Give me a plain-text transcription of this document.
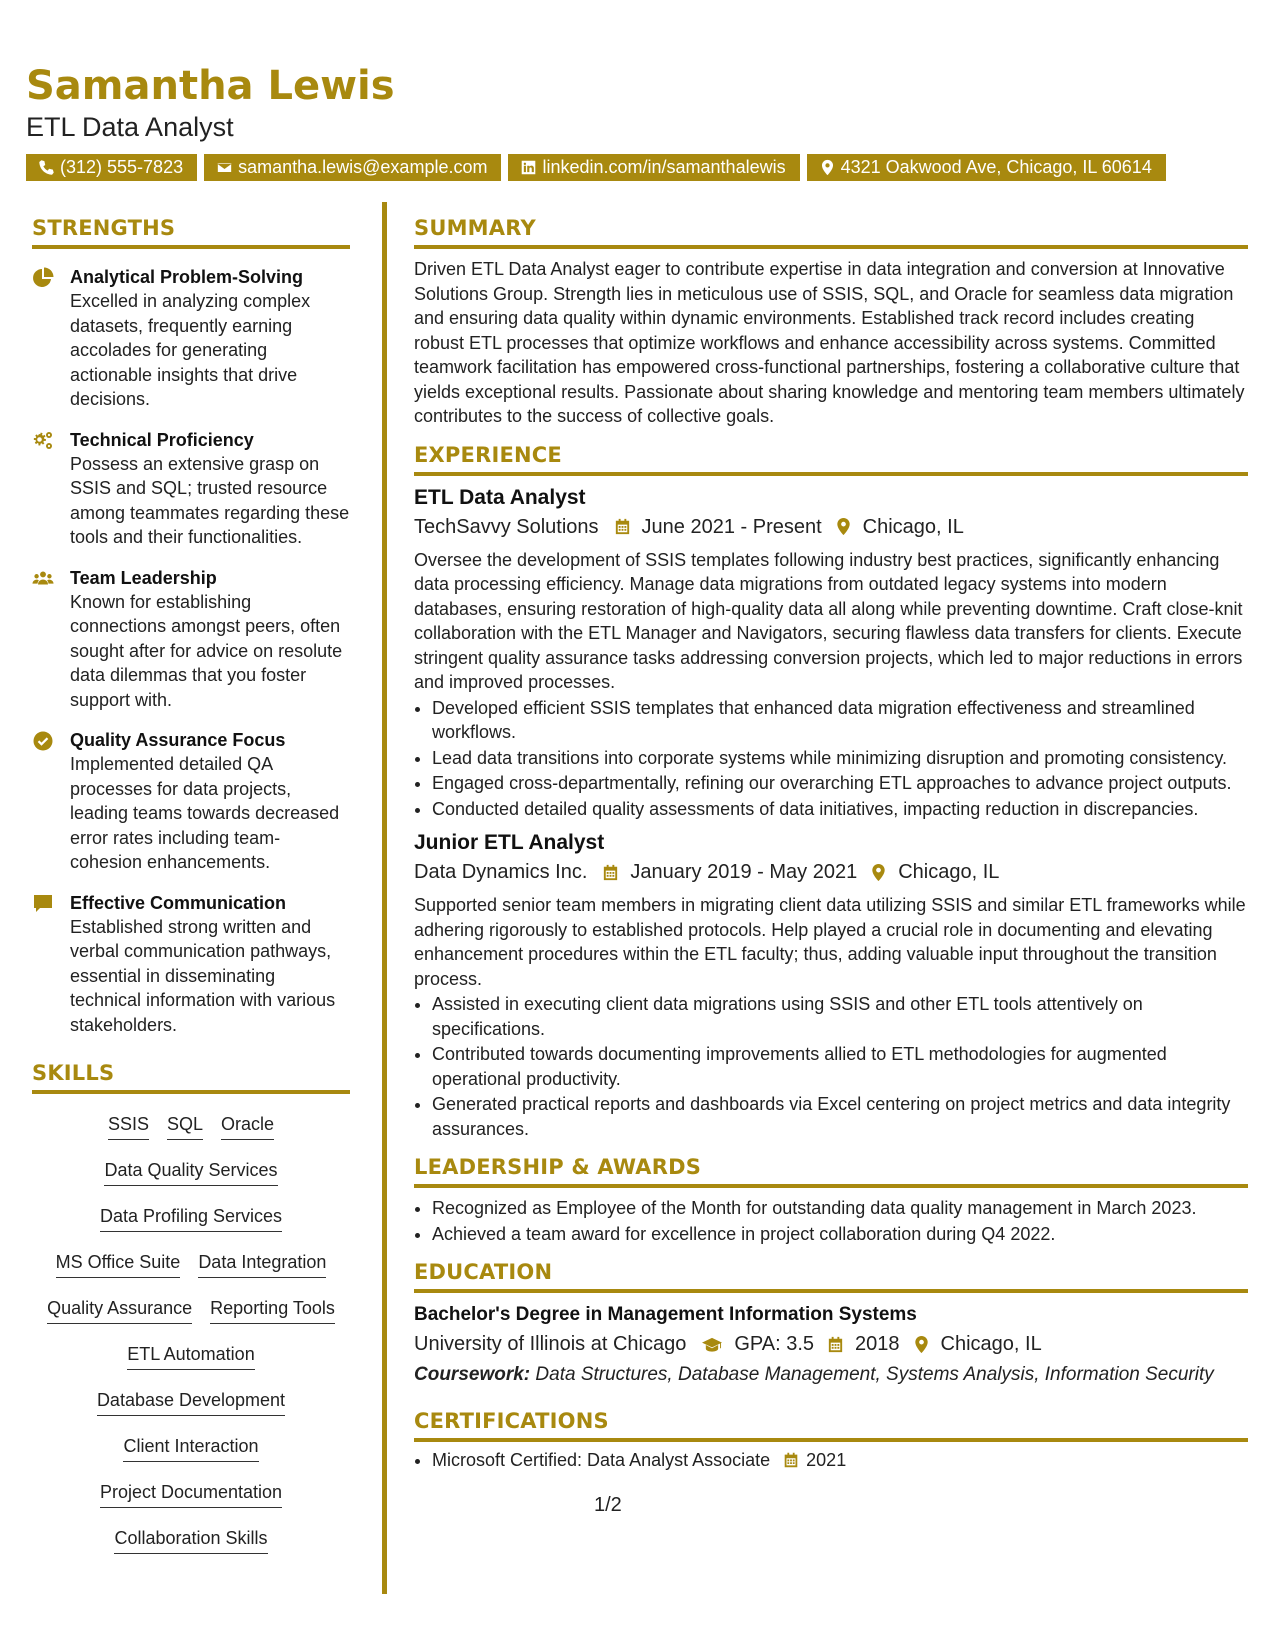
Samantha Lewis

ETL Data Analyst

(312) 555-7823	samantha.lewis@example.com	linkedin.com/in/samanthalewis	4321 Oakwood Ave, Chicago, IL 60614
STRENGTHS
Analytical Problem-Solving

Excelled in analyzing complex datasets, frequently earning accolades for generating actionable insights that drive decisions.

Technical Proficiency

Possess an extensive grasp on SSIS and SQL; trusted resource among teammates regarding these tools and their functionalities.

Team Leadership

Known for establishing connections amongst peers, often sought after for advice on resolute data dilemmas that you foster support with.

Quality Assurance Focus

Implemented detailed QA processes for data projects, leading teams towards decreased error rates including team-cohesion enhancements.

Effective Communication

Established strong written and verbal communication pathways, essential in disseminating technical information with various stakeholders.

SKILLS
SSIS SQL Oracle
Data Quality Services
Data Profiling Services
MS Office Suite Data Integration
Quality Assurance Reporting Tools
ETL Automation
Database Development
Client Interaction
Project Documentation
Collaboration Skills
SUMMARY

Driven ETL Data Analyst eager to contribute expertise in data integration and conversion at Innovative Solutions Group. Strength lies in meticulous use of SSIS, SQL, and Oracle for seamless data migration and ensuring data quality within dynamic environments. Established track record includes creating robust ETL processes that optimize workflows and enhance accessibility across systems. Committed teamwork facilitation has empowered cross-functional partnerships, fostering a collaborative culture that yields exceptional results. Passionate about sharing knowledge and mentoring team members ultimately contributes to the success of collective goals.

EXPERIENCE
ETL Data Analyst
TechSavvy Solutions June 2021 - Present Chicago, IL

Oversee the development of SSIS templates following industry best practices, significantly enhancing data processing efficiency. Manage data migrations from outdated legacy systems into modern databases, ensuring restoration of high-quality data all along while preventing downtime. Craft close-knit collaboration with the ETL Manager and Navigators, securing flawless data transfers for clients. Execute stringent quality assurance tasks addressing conversion projects, which led to major reductions in errors and improved processes.

• Developed efficient SSIS templates that enhanced data migration effectiveness and streamlined workflows.
• Lead data transitions into corporate systems while minimizing disruption and promoting consistency.
• Engaged cross-departmentally, refining our overarching ETL approaches to advance project outputs.
• Conducted detailed quality assessments of data initiatives, impacting reduction in discrepancies.
Junior ETL Analyst
Data Dynamics Inc. January 2019 - May 2021 Chicago, IL

Supported senior team members in migrating client data utilizing SSIS and similar ETL frameworks while adhering rigorously to established protocols. Help played a crucial role in documenting and elevating enhancement procedures within the ETL faculty; thus, adding valuable input throughout the transition process.

• Assisted in executing client data migrations using SSIS and other ETL tools attentively on specifications.
• Contributed towards documenting improvements allied to ETL methodologies for augmented operational productivity.
• Generated practical reports and dashboards via Excel centering on project metrics and data integrity assurances.
LEADERSHIP & AWARDS
• Recognized as Employee of the Month for outstanding data quality management in March 2023.
• Achieved a team award for excellence in project collaboration during Q4 2022.
EDUCATION

Bachelor's Degree in Management Information Systems

University of Illinois at Chicago GPA: 3.5 2018 Chicago, IL

Coursework: Data Structures, Database Management, Systems Analysis, Information Security

CERTIFICATIONS
• Microsoft Certified: Data Analyst Associate 2021
1/2
